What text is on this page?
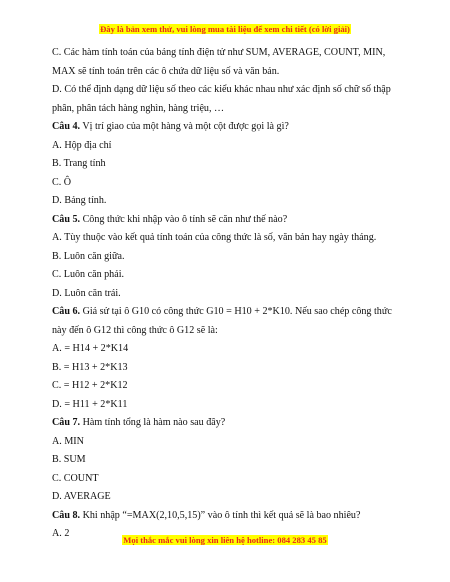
Đây là bản xem thử, vui lòng mua tài liệu để xem chi tiết (có lời giải)
C. Các hàm tính toán của bảng tính điện tử như SUM, AVERAGE, COUNT, MIN,
MAX sẽ tính toán trên các ô chứa dữ liệu số và văn bản.
D. Có thể định dạng dữ liệu số theo các kiểu khác nhau như xác định số chữ số thập
phân, phân tách hàng nghìn, hàng triệu, …
Câu 4. Vị trí giao của một hàng và một cột được gọi là gì?
A. Hộp địa chỉ
B. Trang tính
C. Ô
D. Bảng tính.
Câu 5. Công thức khi nhập vào ô tính sẽ căn như thế nào?
A. Tùy thuộc vào kết quả tính toán của công thức là số, văn bản hay ngày tháng.
B. Luôn căn giữa.
C. Luôn căn phải.
D. Luôn căn trái.
Câu 6. Giả sử tại ô G10 có công thức G10 = H10 + 2*K10. Nếu sao chép công thức
này đến ô G12 thì công thức ô G12 sẽ là:
A. = H14 + 2*K14
B. = H13 + 2*K13
C. = H12 + 2*K12
D. = H11 + 2*K11
Câu 7. Hàm tính tổng là hàm nào sau đây?
A. MIN
B. SUM
C. COUNT
D. AVERAGE
Câu 8. Khi nhập “=MAX(2,10,5,15)” vào ô tính thì kết quả sẽ là bao nhiêu?
A. 2
Mọi thắc mắc vui lòng xin liên hệ hotline: 084 283 45 85
